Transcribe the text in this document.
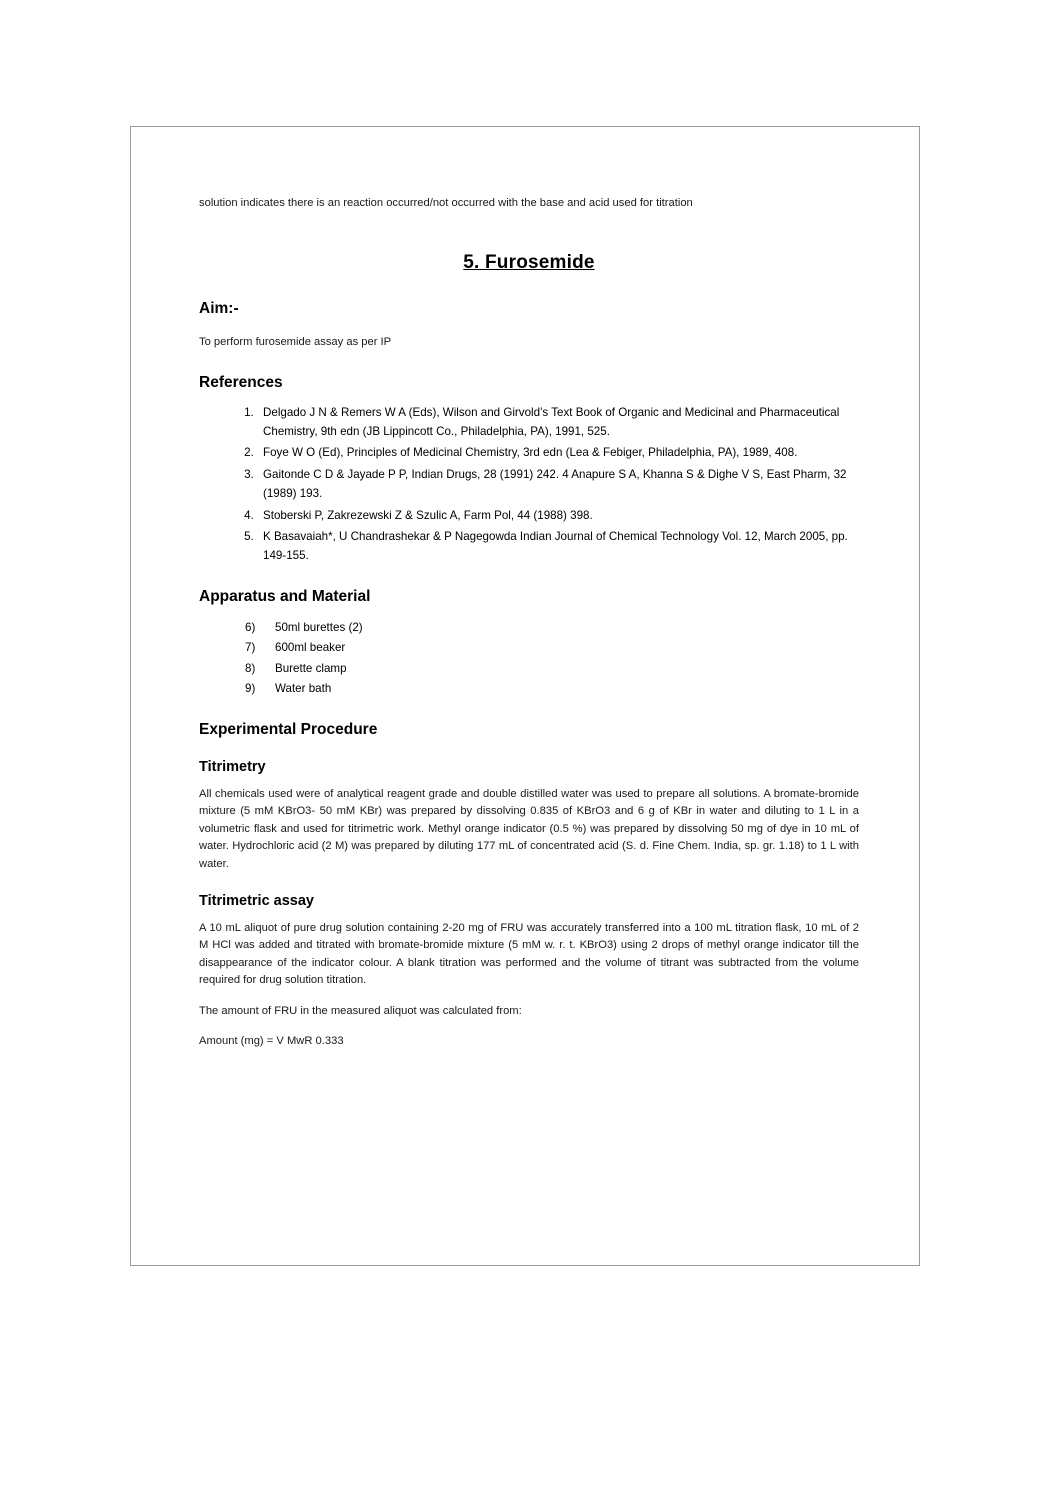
solution indicates there is an reaction occurred/not occurred with the base and acid used for titration

5. Furosemide
Aim:-

To perform furosemide assay as per IP

References
1. Delgado J N & Remers W A (Eds), Wilson and Girvold’s Text Book of Organic and Medicinal and Pharmaceutical Chemistry, 9th edn (JB Lippincott Co., Philadelphia, PA), 1991, 525.
2. Foye W O (Ed), Principles of Medicinal Chemistry, 3rd edn (Lea & Febiger, Philadelphia, PA), 1989, 408.
3. Gaitonde C D & Jayade P P, Indian Drugs, 28 (1991) 242. 4 Anapure S A, Khanna S & Dighe V S, East Pharm, 32 (1989) 193.
4. Stoberski P, Zakrezewski Z & Szulic A, Farm Pol, 44 (1988) 398.
5. K Basavaiah*, U Chandrashekar & P Nagegowda Indian Journal of Chemical Technology Vol. 12, March 2005, pp. 149-155.
Apparatus and Material
6)	50ml burettes (2)
7)	600ml beaker
8)	Burette clamp
9)	Water bath
Experimental Procedure
Titrimetry

All chemicals used were of analytical reagent grade and double distilled water was used to prepare all solutions. A bromate-bromide mixture (5 mM KBrO3- 50 mM KBr) was prepared by dissolving 0.835 of KBrO3 and 6 g of KBr in water and diluting to 1 L in a volumetric flask and used for titrimetric work. Methyl orange indicator (0.5 %) was prepared by dissolving 50 mg of dye in 10 mL of water. Hydrochloric acid (2 M) was prepared by diluting 177 mL of concentrated acid (S. d. Fine Chem. India, sp. gr. 1.18) to 1 L with water.

Titrimetric assay

A 10 mL aliquot of pure drug solution containing 2-20 mg of FRU was accurately transferred into a 100 mL titration flask, 10 mL of 2 M HCl was added and titrated with bromate-bromide mixture (5 mM w. r. t. KBrO3) using 2 drops of methyl orange indicator till the disappearance of the indicator colour. A blank titration was performed and the volume of titrant was subtracted from the volume required for drug solution titration.

The amount of FRU in the measured aliquot was calculated from:

Amount (mg) = V MwR 0.333
